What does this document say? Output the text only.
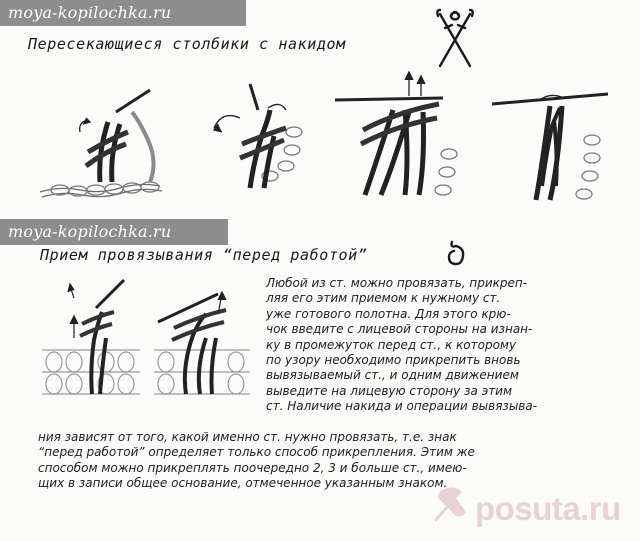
moya-kopilochka.ru
moya-kopilochka.ru
Пересекающиеся столбики с накидом
Прием провязывания “перед работой”
Любой из ст. можно провязать, прикреп-
ляя его этим приемом к нужному ст.
уже готового полотна. Для этого крю-
чок введите с лицевой стороны на изнан-
ку в промежуток перед ст., к которому
по узору необходимо прикрепить вновь
вывязываемый ст., и одним движением
выведите на лицевую сторону за этим
ст. Наличие накида и операции вывязыва-
ния зависят от того, какой именно ст. нужно провязать, т.е. знак
“перед работой” определяет только способ прикрепления. Этим же
способом можно прикреплять поочередно 2, 3 и больше ст., имею-
щих в записи общее основание, отмеченное указанным знаком.
posuta.ru
